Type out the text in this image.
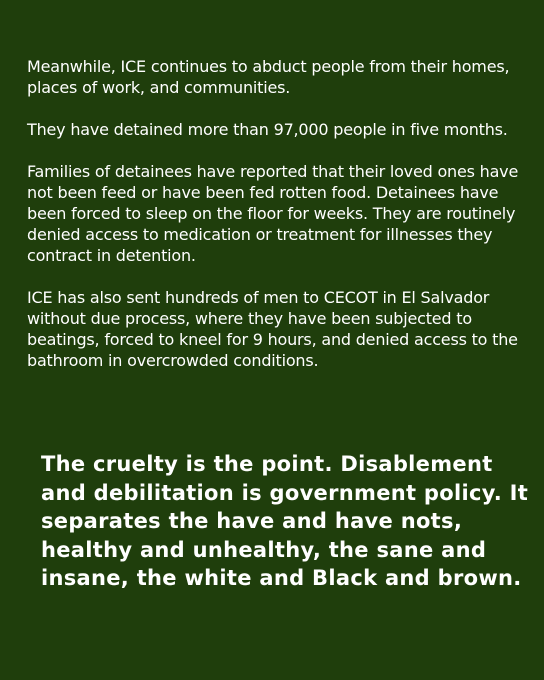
Meanwhile, ICE continues to abduct people from their homes, places of work, and communities.

They have detained more than 97,000 people in five months.

Families of detainees have reported that their loved ones have not been feed or have been fed rotten food. Detainees have been forced to sleep on the floor for weeks. They are routinely denied access to medication or treatment for illnesses they contract in detention.

ICE has also sent hundreds of men to CECOT in El Salvador without due process, where they have been subjected to beatings, forced to kneel for 9 hours, and denied access to the bathroom in overcrowded conditions.

The cruelty is the point. Disablement and debilitation is government policy. It separates the have and have nots, healthy and unhealthy, the sane and insane, the white and Black and brown.
